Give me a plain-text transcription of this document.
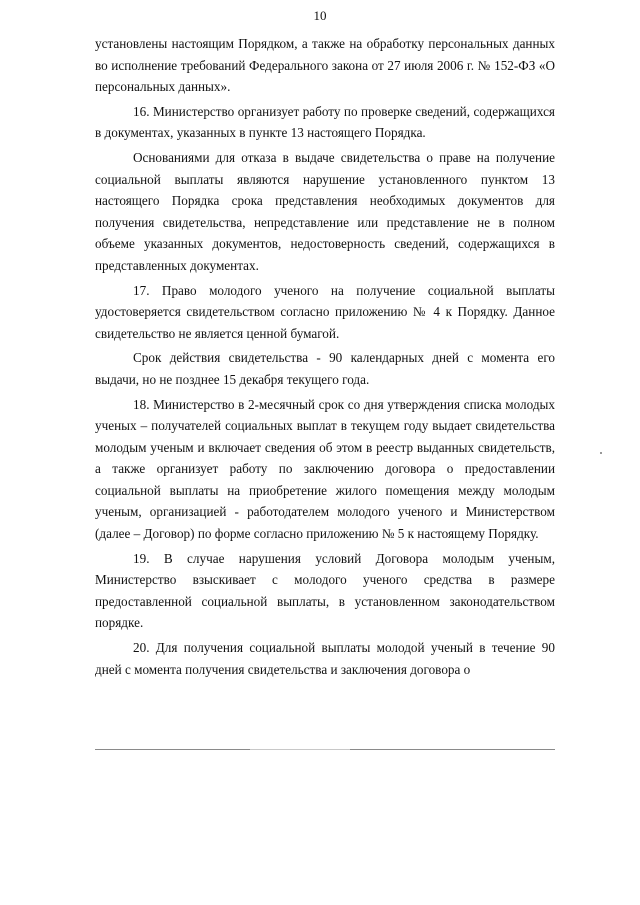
10

установлены настоящим Порядком, а также на обработку персональных данных во исполнение требований Федерального закона от 27 июля 2006 г. № 152-ФЗ «О персональных данных».

16. Министерство организует работу по проверке сведений, содержащихся в документах, указанных в пункте 13 настоящего Порядка.

Основаниями для отказа в выдаче свидетельства о праве на получение социальной выплаты являются нарушение установленного пунктом 13 настоящего Порядка срока представления необходимых документов для получения свидетельства, непредставление или представление не в полном объеме указанных документов, недостоверность сведений, содержащихся в представленных документах.

17. Право молодого ученого на получение социальной выплаты удостоверяется свидетельством согласно приложению № 4 к Порядку. Данное свидетельство не является ценной бумагой.

Срок действия свидетельства - 90 календарных дней с момента его выдачи, но не позднее 15 декабря текущего года.

18. Министерство в 2-месячный срок со дня утверждения списка молодых ученых – получателей социальных выплат в текущем году выдает свидетельства молодым ученым и включает сведения об этом в реестр выданных свидетельств, а также организует работу по заключению договора о предоставлении социальной выплаты на приобретение жилого помещения между молодым ученым, организацией - работодателем молодого ученого и Министерством (далее – Договор) по форме согласно приложению № 5 к настоящему Порядку.

19. В случае нарушения условий Договора молодым ученым, Министерство взыскивает с молодого ученого средства в размере предоставленной социальной выплаты, в установленном законодательством порядке.

20. Для получения социальной выплаты молодой ученый в течение 90 дней с момента получения свидетельства и заключения договора о
